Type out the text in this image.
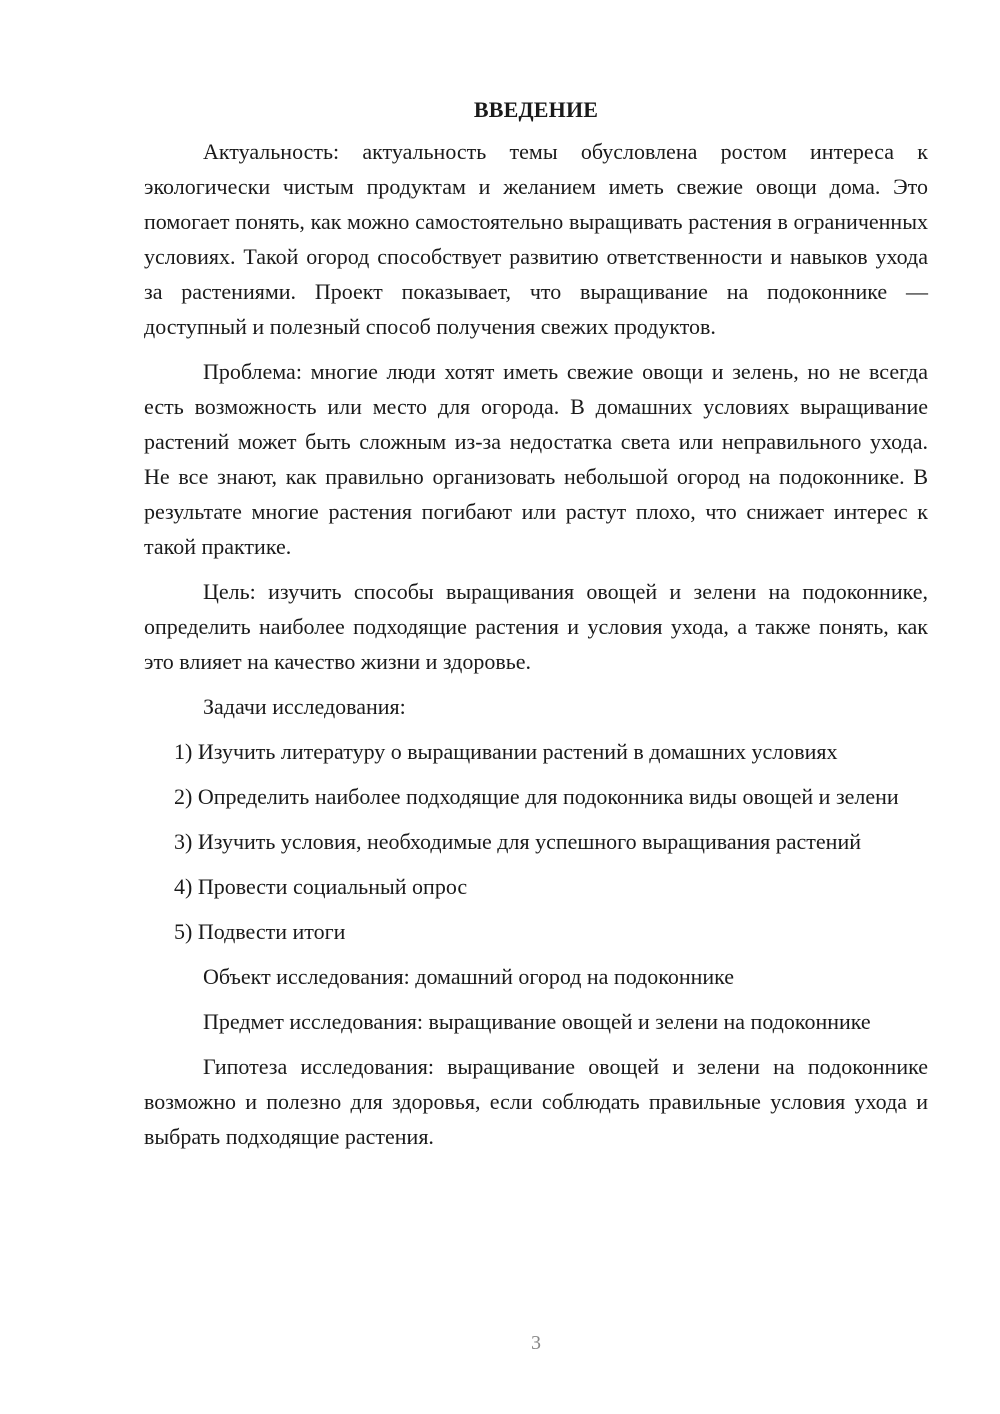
ВВЕДЕНИЕ

Актуальность: актуальность темы обусловлена ростом интереса к экологически чистым продуктам и желанием иметь свежие овощи дома. Это помогает понять, как можно самостоятельно выращивать растения в ограниченных условиях. Такой огород способствует развитию ответственности и навыков ухода за растениями. Проект показывает, что выращивание на подоконнике — доступный и полезный способ получения свежих продуктов.

Проблема: многие люди хотят иметь свежие овощи и зелень, но не всегда есть возможность или место для огорода. В домашних условиях выращивание растений может быть сложным из-за недостатка света или неправильного ухода. Не все знают, как правильно организовать небольшой огород на подоконнике. В результате многие растения погибают или растут плохо, что снижает интерес к такой практике.

Цель: изучить способы выращивания овощей и зелени на подоконнике, определить наиболее подходящие растения и условия ухода, а также понять, как это влияет на качество жизни и здоровье.

Задачи исследования:

1) Изучить литературу о выращивании растений в домашних условиях

2) Определить наиболее подходящие для подоконника виды овощей и зелени

3) Изучить условия, необходимые для успешного выращивания растений

4) Провести социальный опрос

5) Подвести итоги

Объект исследования: домашний огород на подоконнике

Предмет исследования: выращивание овощей и зелени на подоконнике

Гипотеза исследования: выращивание овощей и зелени на подоконнике возможно и полезно для здоровья, если соблюдать правильные условия ухода и выбрать подходящие растения.

3
